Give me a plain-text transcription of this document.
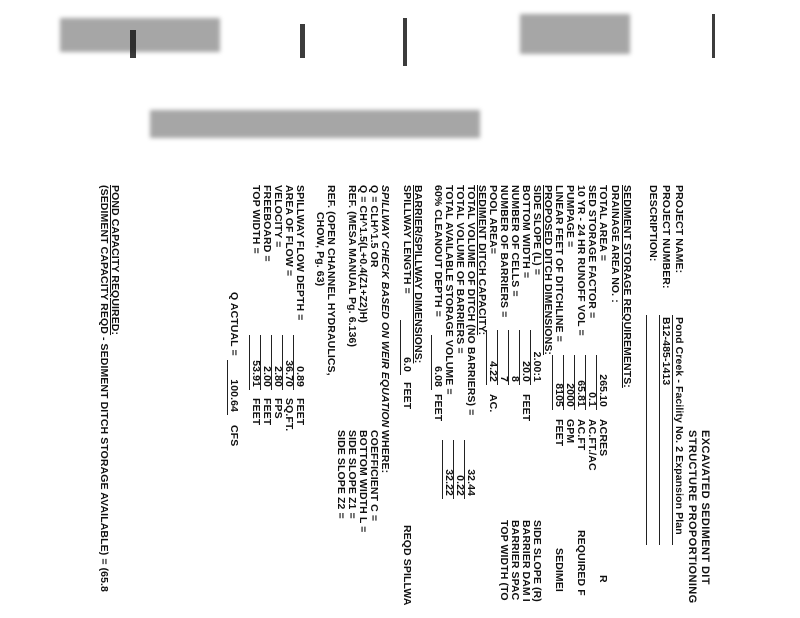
EXCAVATED SEDIMENT DIT
STRUCTURE PROPORTIONING
PROJECT NAME:
Pond Creek - Facility No. 2 Expansion Plan
PROJECT NUMBER:
B12-485-1413
DESCRIPTION:
SEDIMENT STORAGE REQUIREMENTS:
DRAINAGE AREA NO. :
TOTAL AREA =
265.10
ACRES
R
SED STORAGE FACTOR =
0.1
AC.FT./AC
10 YR - 24 HR RUNOFF VOL =
65.81
AC.FT
REQUIRED F
PUMPAGE =
2000
GPM
LINEAR FEET OF DITCHLINE =
8105
FEET
SEDIMEI
PROPOSED DITCH DIMENSIONS:
SIDE SLOPE (L) =
2.00:1
SIDE SLOPE (R)
BOTTOM WIDTH =
20.0
FEET
BARRIER DAM I
NUMBER OF CELLS =
8
BARRIER SPAC
NUMBER OF BARRIERS =
7
TOP WIDTH (TO
POOL AREA=
4.22
AC.
SEDIMENT DITCH CAPACITY:
TOTAL VOLUME OF DITCH (NO BARRIERS) =
32.44
TOTAL VOLUME OF BARRIERS =
0.22
TOTAL AVAILABLE STORAGE VOLUME =
32.22
60% CLEANOUT DEPTH =
6.08
FEET
BARRIER/SPILLWAY DIMENSIONS:
SPILLWAY LENGTH =
6.0
FEET
REQD SPILLWA
SPILLWAY CHECK BASED ON WEIR EQUATION
Q = CLH^1.5 OR
Q = CH^1.5(L+0.4(Z1+Z2)H)
REF. (MESA MANUAL Pg. 6.136)
REF. (OPEN CHANNEL HYDRAULICS,
CHOW, Pg. 63)
WHERE:
COEFFICIENT C =
BOTTOM WIDTH L =
SIDE SLOPE Z1 =
SIDE SLOPE Z2 =
SPILLWAY FLOW DEPTH =
0.89
FEET
AREA OF FLOW =
36.70
SQ.FT.
VELOCITY =
2.80
FPS
FREEBOARD =
2.00
FEET
TOP WIDTH =
53.91
FEET
Q ACTUAL =
100.64
CFS
POND CAPACITY REQUIRED:
(SEDIMENT CAPACITY REQD - SEDIMENT DITCH STORAGE AVAILABLE) = (65.8
